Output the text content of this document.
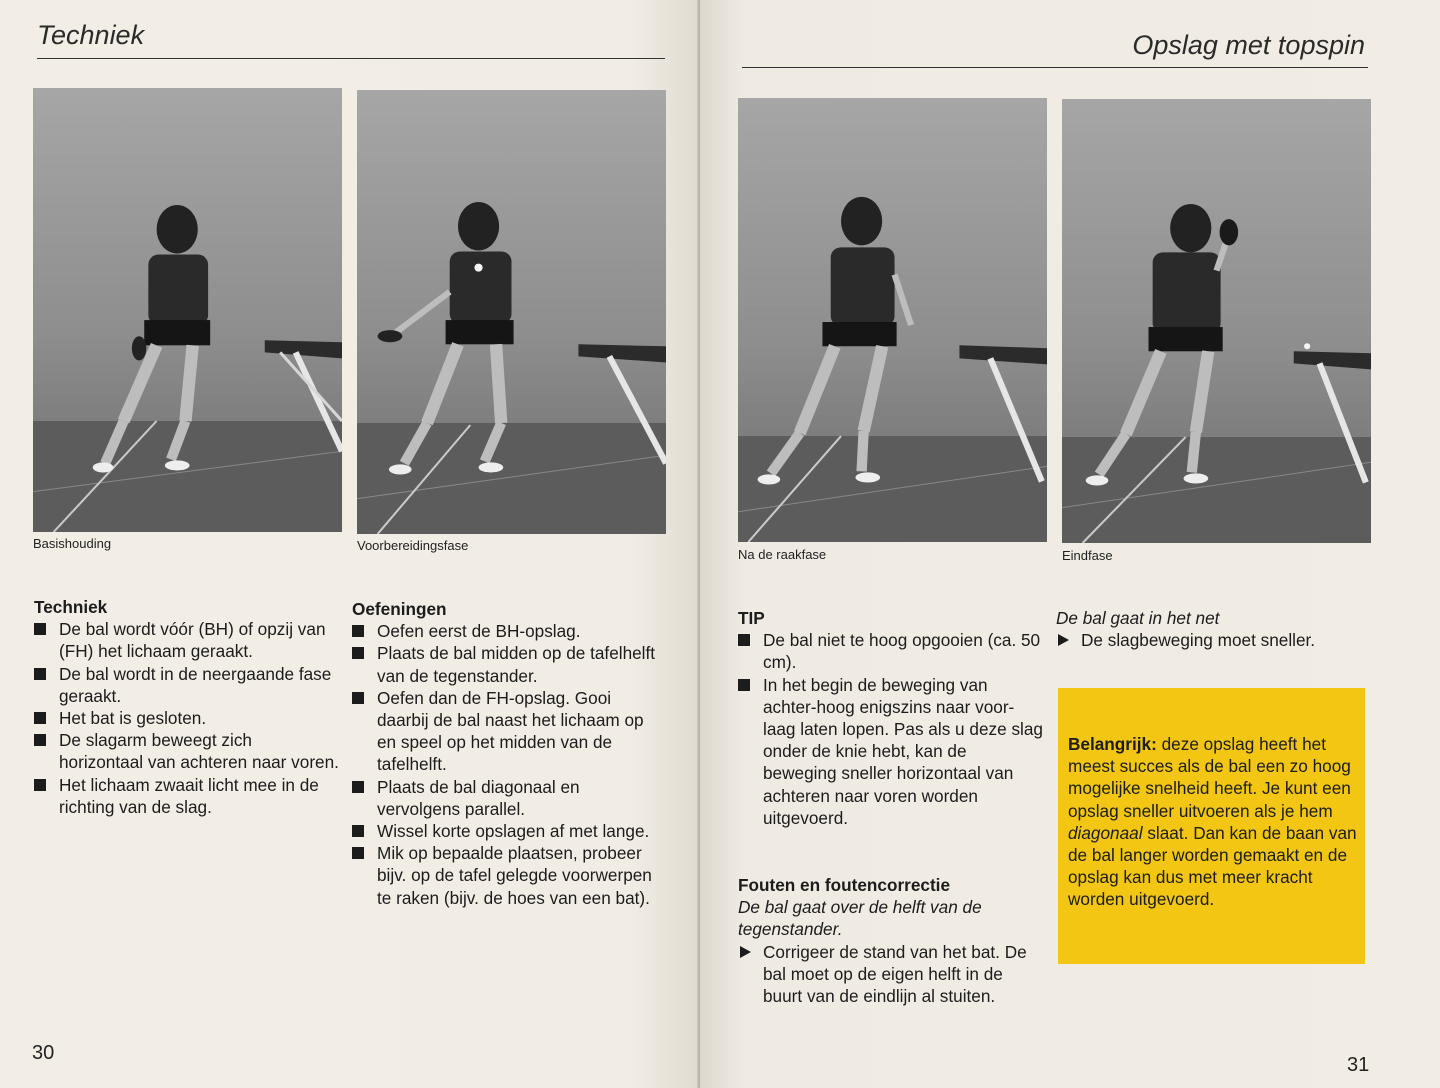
Techniek
Basishouding	Voorbereidingsfase

Techniek

De bal wordt vóór (BH) of opzij van (FH) het lichaam geraakt.
De bal wordt in de neergaande fase geraakt.
Het bat is gesloten.
De slagarm beweegt zich horizontaal van achteren naar voren.
Het lichaam zwaait licht mee in de richting van de slag.

Oefeningen

Oefen eerst de BH-opslag.
Plaats de bal midden op de tafelhelft van de tegenstander.
Oefen dan de FH-opslag. Gooi daarbij de bal naast het lichaam op en speel op het midden van de tafelhelft.
Plaats de bal diagonaal en vervolgens parallel.
Wissel korte opslagen af met lange.
Mik op bepaalde plaatsen, probeer bijv. op de tafel gelegde voorwerpen te raken (bijv. de hoes van een bat).
30
Opslag met topspin
Na de raakfase	Eindfase

TIP

De bal niet te hoog opgooien (ca. 50 cm).
In het begin de beweging van achter-hoog enigszins naar voor-laag laten lopen. Pas als u deze slag onder de knie hebt, kan de beweging sneller horizontaal van achteren naar voren worden uitgevoerd.

Fouten en foutencorrectie

De bal gaat over de helft van de tegenstander.
Corrigeer de stand van het bat. De bal moet op de eigen helft in de buurt van de eindlijn al stuiten.
De bal gaat in het net
De slagbeweging moet sneller.
Belangrijk: deze opslag heeft het meest succes als de bal een zo hoog mogelijke snelheid heeft. Je kunt een opslag sneller uitvoeren als je hem diagonaal slaat. Dan kan de baan van de bal langer worden gemaakt en de opslag kan dus met meer kracht worden uitgevoerd.
31
